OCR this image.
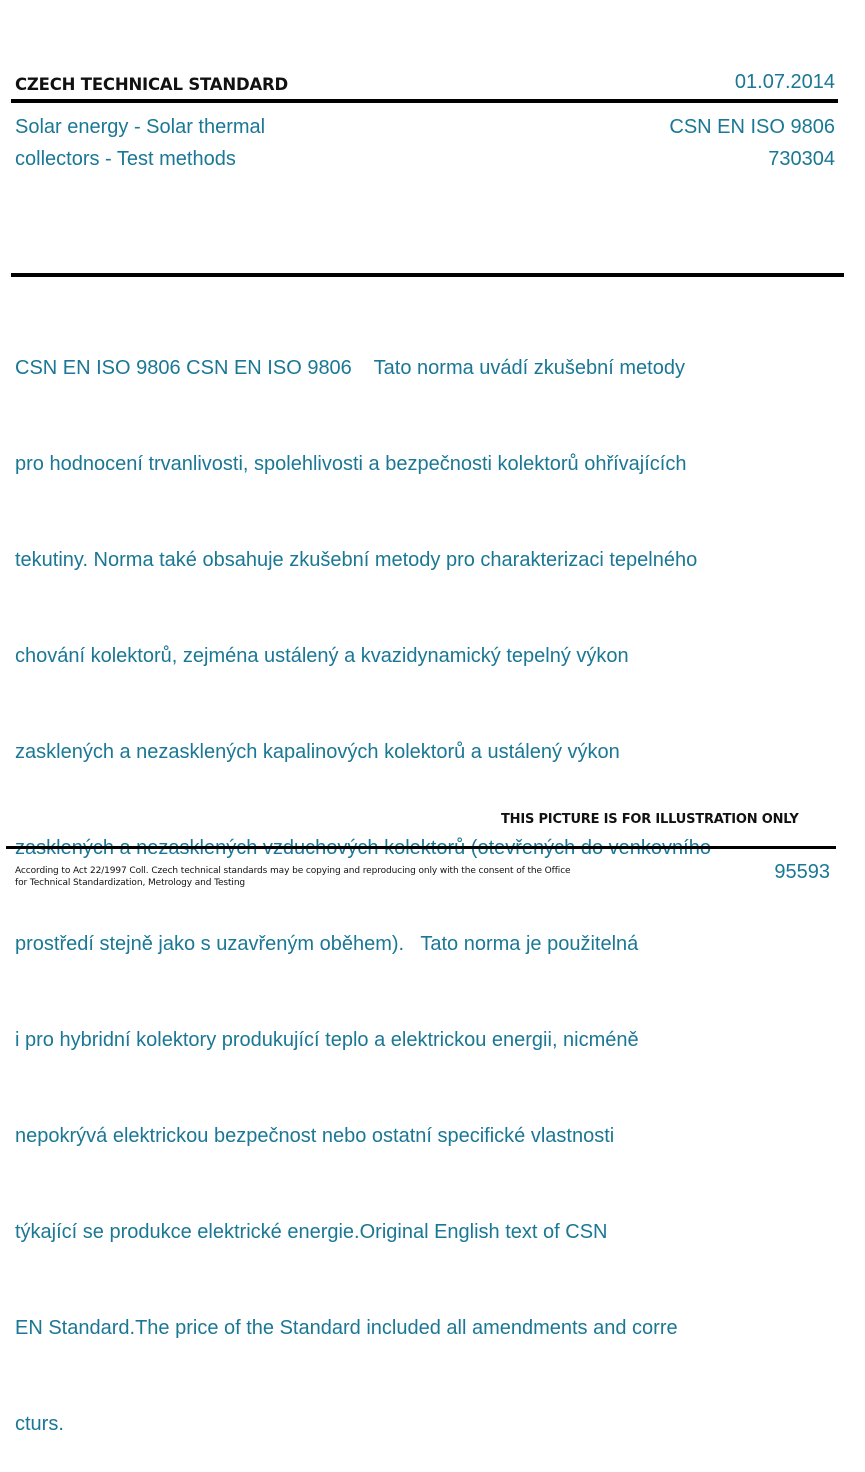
CZECH TECHNICAL STANDARD	01.07.2014
Solar energy - Solar thermal
collectors - Test methods
CSN EN ISO 9806
730304

CSN EN ISO 9806 CSN EN ISO 9806    Tato norma uvádí zkušební metody

pro hodnocení trvanlivosti, spolehlivosti a bezpečnosti kolektorů ohřívajících

tekutiny. Norma také obsahuje zkušební metody pro charakterizaci tepelného

chování kolektorů, zejména ustálený a kvazidynamický tepelný výkon

zasklených a nezasklených kapalinových kolektorů a ustálený výkon

prostředí stejně jako s uzavřeným oběhem).   Tato norma je použitelná

i pro hybridní kolektory produkující teplo a elektrickou energii, nicméně

nepokrývá elektrickou bezpečnost nebo ostatní specifické vlastnosti

týkající se produkce elektrické energie.Original English text of CSN

EN Standard.The price of the Standard included all amendments and corre

cturs.

THIS PICTURE IS FOR ILLUSTRATION ONLY
According to Act 22/1997 Coll. Czech technical standards may be copying and reproducing only with the consent of the Office
for Technical Standardization, Metrology and Testing	95593
